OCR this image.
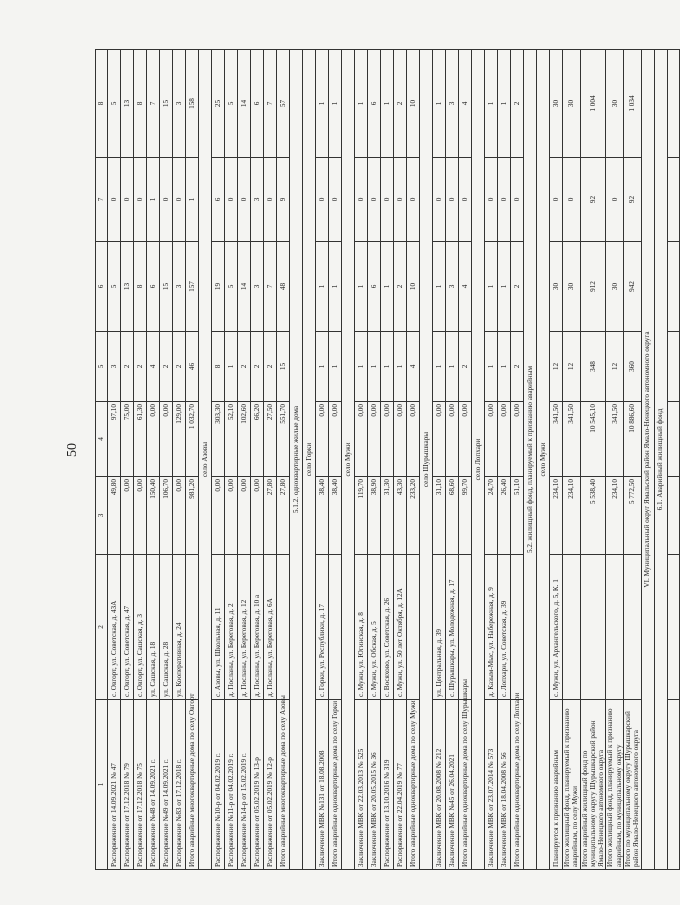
50
1	2	3	4	5	6	7	8
Распоряжение от 14.09.2021 № 47	с. Овгорт, ул. Советская, д. 43А	49,80	97,10	3	5	0	5
Распоряжение от 17.12.2018 № 79	с. Овгорт, ул. Советская, д. 47	0,00	75,00	2	13	0	13
Распоряжение от 17.12.2018 № 75	с. Овгорт, ул. Сашская, д. 3	0,00	61,30	2	8	0	8
Распоряжение №48 от 14.09.2021 г.	ул. Сашская, д. 18	150,40	0,00	4	6	1	7
Распоряжение №49 от 14.09.2021 г.	ул. Сашская, д. 28	106,70	0,00	2	15	0	15
Распоряжение №83 от 17.12.2018 г.	ул. Кооперативная, д. 24	0,00	129,00	2	3	0	3
Итого аварийные многоквартирные дома по селу Овгорт		981,20	1 032,70	46	157	1	158
село Азовы							
Распоряжение №10-р от 04.02.2019 г.	с. Азовы, ул. Школьная, д. 11	0,00	303,30	8	19	6	25
Распоряжение №11-р от 04.02.2019 г.	д. Посланы, ул. Береговая, д. 2	0,00	52,10	1	5	0	5
Распоряжение №14-р от 15.02.2019 г.	д. Посланы, ул. Береговая, д. 12	0,00	102,60	2	14	0	14
Распоряжение от 05.02.2019 № 13-р	д. Посланы, ул. Береговая, д. 10 а	0,00	66,20	2	3	3	6
Распоряжение от 05.02.2019 № 12-р	д. Посланы, ул. Береговая, д. 6А	27,80	27,50	2	7	0	7
Итого аварийные многоквартирные дома по селу Азовы		27,80	551,70	15	48	9	57
5.1.2. одноквартирные жилые дома							
село Горки							
Заключение МВК №131 от 18.08.2008	с. Горки, ул. Республики, д. 17	38,40	0,00	1	1	0	1
Итого аварийные одноквартирные дома по селу Горки		38,40	0,00	1	1	0	1
село Мужи							
Заключение МВК от 22.03.2013 № 525	с. Мужи, ул. Югинская, д. 8	119,70	0,00	1	1	0	1
Заключение МВК от 20.05.2015 № 36	с. Мужи, ул. Обская, д. 5	38,90	0,00	1	6	0	6
Распоряжение от 13.10.2016 № 319	с. Восяхово, ул. Советская, д. 26	31,30	0,00	1	1	0	1
Распоряжение от 22.04.2019 № 77	с. Мужи, ул. 50 лет Октября, д. 12А	43,30	0,00	1	2	0	2
Итого аварийные одноквартирные дома по селу Мужи		233,20	0,00	4	10	0	10
село Шурышкары							
Заключение МВК от 20.08.2008 № 212	ул. Центральная, д. 39	31,10	0,00	1	1	0	1
Заключение МВК №45 от 26.04.2021	с. Шурышкары, ул. Молодежная, д. 17	68,60	0,00	1	3	0	3
Итого аварийные одноквартирные дома по селу Шурышкары		99,70	0,00	2	4	0	4
село Лопхари							
Заключение МВК от 23.07.2014 № 573	д. Казым-Мыс, ул. Набережная, д. 9	24,70	0,00	1	1	0	1
Заключение МВК от 18.04.2008 № 56	с. Лопхари, ул. Советская, д. 39	26,40	0,00	1	1	0	1
Итого аварийные одноквартирные дома по селу Лопхари		51,10	0,00	2	2	0	2
5.2. жилищный фонд, планируемый к признанию аварийным							
село Мужи							
Планируется к признанию аварийным	с. Мужи, ул. Архангельского, д. 5, К. 1	234,10	341,50	12	30	0	30
Итого жилищный фонд, планируемый к признанию аварийным, по селу Мужи		234,10	341,50	12	30	0	30
Итого аварийный жилищный фонд по муниципальному округу Шурышкарский район Ямало-Ненецкого автономного округа		5 538,40	10 545,10	348	912	92	1 004
Итого жилищный фонд, планируемый к признанию аварийным, по муниципальному округу		234,10	341,50	12	30	0	30
Итого по муниципальному округу Шурышкарский район Ямало-Ненецкого автономного округа		5 772,50	10 886,60	360	942	92	1 034
VI. Муниципальный округ Ямальский район Ямало-Ненецкого автономного округа							
6.1. Аварийный жилищный фонд							
